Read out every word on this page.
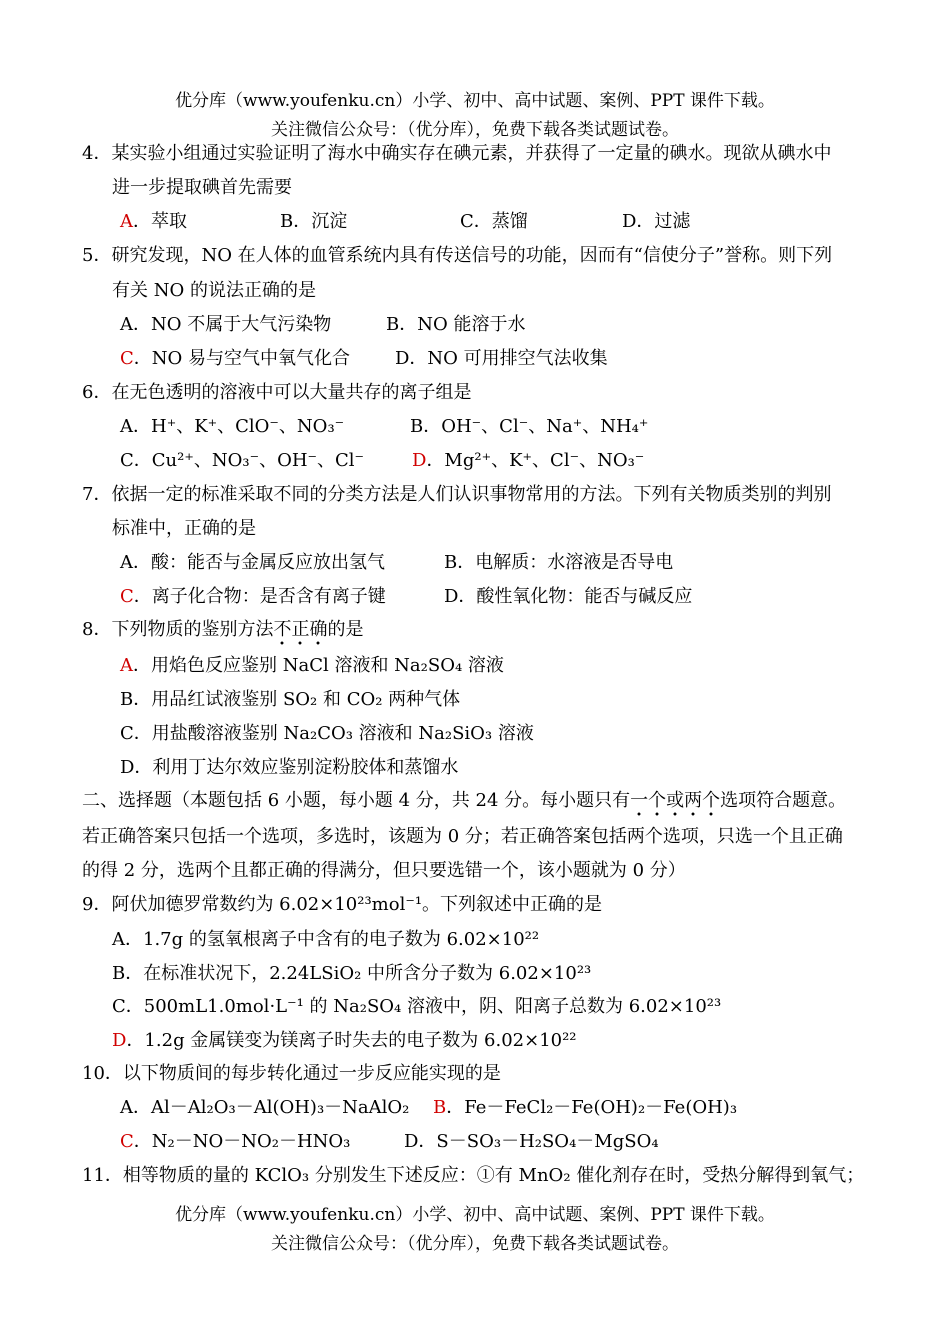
优分库（www.youfenku.cn）小学、初中、高中试题、案例、PPT 课件下载。
关注微信公众号：（优分库），免费下载各类试题试卷。
4．某实验小组通过实验证明了海水中确实存在碘元素，并获得了一定量的碘水。现欲从碘水中
进一步提取碘首先需要
A．萃取	B．沉淀	C．蒸馏	D．过滤
5．研究发现，NO 在人体的血管系统内具有传送信号的功能，因而有“信使分子”誉称。则下列
有关 NO 的说法正确的是
A．NO 不属于大气污染物	B．NO 能溶于水
C．NO 易与空气中氧气化合 D．NO 可用排空气法收集
6．在无色透明的溶液中可以大量共存的离子组是
A．H⁺、K⁺、ClO⁻、NO₃⁻	B．OH⁻、Cl⁻、Na⁺、NH₄⁺
C．Cu²⁺、NO₃⁻、OH⁻、Cl⁻	D．Mg²⁺、K⁺、Cl⁻、NO₃⁻
7．依据一定的标准采取不同的分类方法是人们认识事物常用的方法。下列有关物质类别的判别
标准中，正确的是
A．酸：能否与金属反应放出氢气	B．电解质：水溶液是否导电
C．离子化合物：是否含有离子键	D．酸性氧化物：能否与碱反应
8．下列物质的鉴别方法不正确的是
A．用焰色反应鉴别 NaCl 溶液和 Na₂SO₄ 溶液
B．用品红试液鉴别 SO₂ 和 CO₂ 两种气体
C．用盐酸溶液鉴别 Na₂CO₃ 溶液和 Na₂SiO₃ 溶液
D．利用丁达尔效应鉴别淀粉胶体和蒸馏水
二、选择题（本题包括 6 小题，每小题 4 分，共 24 分。每小题只有一个或两个选项符合题意。
若正确答案只包括一个选项，多选时，该题为 0 分；若正确答案包括两个选项，只选一个且正确
的得 2 分，选两个且都正确的得满分，但只要选错一个，该小题就为 0 分）
9．阿伏加德罗常数约为 6.02×10²³mol⁻¹。下列叙述中正确的是
A．1.7g 的氢氧根离子中含有的电子数为 6.02×10²²
B．在标准状况下，2.24LSiO₂ 中所含分子数为 6.02×10²³
C．500mL1.0mol·L⁻¹ 的 Na₂SO₄ 溶液中，阴、阳离子总数为 6.02×10²³
D．1.2g 金属镁变为镁离子时失去的电子数为 6.02×10²²
10．以下物质间的每步转化通过一步反应能实现的是
A．Al－Al₂O₃－Al(OH)₃－NaAlO₂ B．Fe－FeCl₂－Fe(OH)₂－Fe(OH)₃
C．N₂－NO－NO₂－HNO₃	D．S－SO₃－H₂SO₄－MgSO₄
11．相等物质的量的 KClO₃ 分别发生下述反应：①有 MnO₂ 催化剂存在时，受热分解得到氧气；
优分库（www.youfenku.cn）小学、初中、高中试题、案例、PPT 课件下载。
关注微信公众号：（优分库），免费下载各类试题试卷。
